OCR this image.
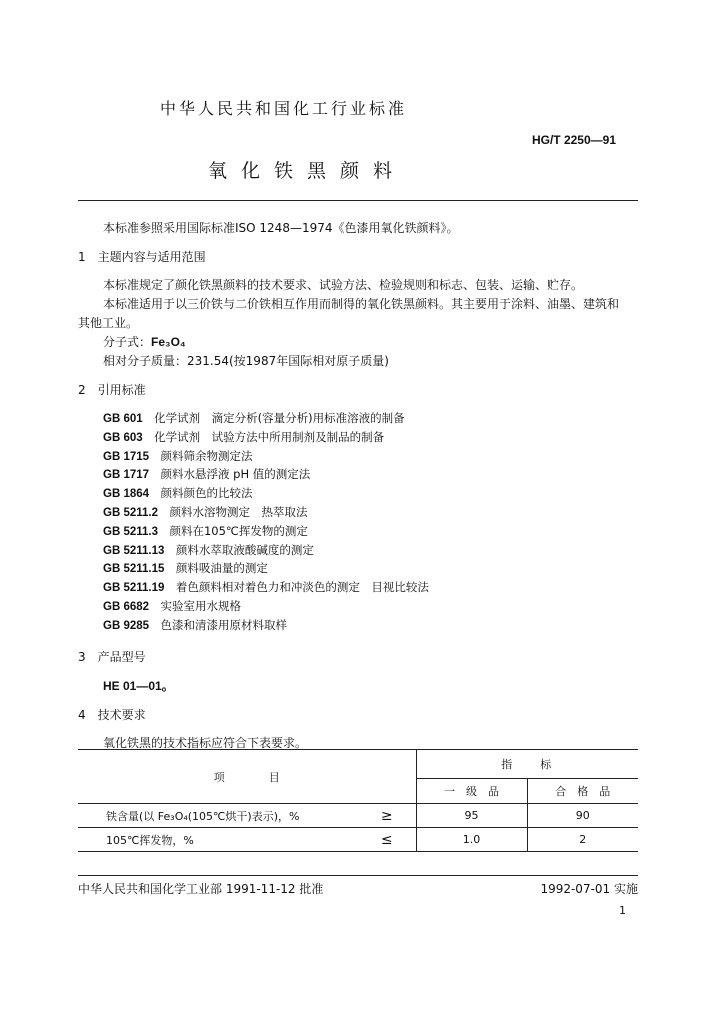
中华人民共和国化工行业标准
HG/T 2250—91
氧化铁黑颜料
本标准参照采用国际标准ISO 1248—1974《色漆用氧化铁颜料》。
1　主题内容与适用范围
本标准规定了颜化铁黑颜料的技术要求、试验方法、检验规则和标志、包装、运输、贮存。
本标准适用于以三价铁与二价铁相互作用而制得的氧化铁黑颜料。其主要用于涂料、油墨、建筑和
其他工业。
分子式：Fe₃O₄
相对分子质量：231.54(按1987年国际相对原子质量)
2　引用标准
GB 601　 化学试剂　滴定分析(容量分析)用标准溶液的制备
GB 603　 化学试剂　试验方法中所用制剂及制品的制备
GB 1715　 颜料筛余物测定法
GB 1717　 颜料水悬浮液 pH 值的测定法
GB 1864　 颜料颜色的比较法
GB 5211.2　 颜料水溶物测定　热萃取法
GB 5211.3　 颜料在105℃挥发物的测定
GB 5211.13　 颜料水萃取液酸碱度的测定
GB 5211.15　 颜料吸油量的测定
GB 5211.19　 着色颜料相对着色力和冲淡色的测定　目视比较法
GB 6682　 实验室用水规格
GB 9285　 色漆和清漆用原材料取样
3　产品型号
HE 01—01。
4　技术要求
氧化铁黑的技术指标应符合下表要求。
项　　　　目		指　　标	
		一　级　品	合　格　品
铁含量(以 Fe₃O₄(105℃烘干)表示)，%	≥	95	90
105℃挥发物，%	≤	1.0	2
中华人民共和国化学工业部 1991-11-12 批准	1992-07-01 实施
1
